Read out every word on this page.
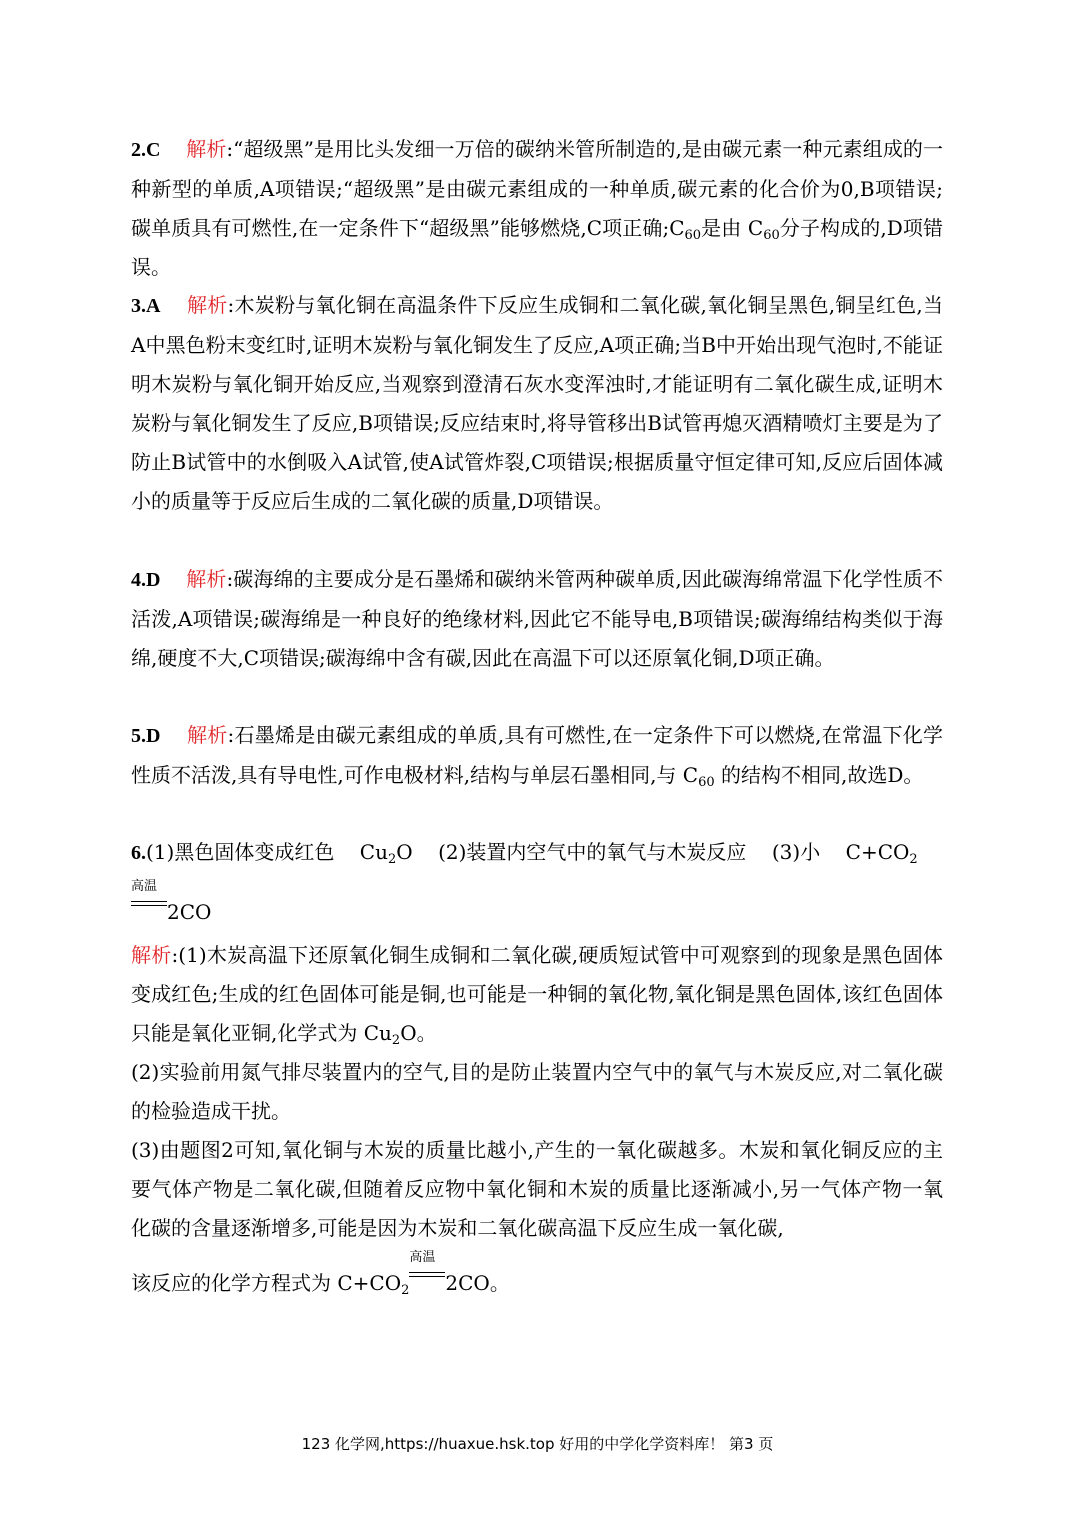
2.C 解析:“超级黑”是用比头发细一万倍的碳纳米管所制造的,是由碳元素一种元素组成的一种新型的单质,A项错误;“超级黑”是由碳元素组成的一种单质,碳元素的化合价为0,B项错误;碳单质具有可燃性,在一定条件下“超级黑”能够燃烧,C项正确$;C_{60}$是由 $C_{60}$分子构成的,D项错误。
3.A 解析:木炭粉与氧化铜在高温条件下反应生成铜和二氧化碳,氧化铜呈黑色,铜呈红色,当A中黑色粉末变红时,证明木炭粉与氧化铜发生了反应,A项正确;当B中开始出现气泡时,不能证明木炭粉与氧化铜开始反应,当观察到澄清石灰水变浑浊时,才能证明有二氧化碳生成,证明木炭粉与氧化铜发生了反应,B项错误;反应结束时,将导管移出B试管再熄灭酒精喷灯主要是为了防止B试管中的水倒吸入A试管,使A试管炸裂,C项错误;根据质量守恒定律可知,反应后固体减小的质量等于反应后生成的二氧化碳的质量,D项错误。
4.D 解析:碳海绵的主要成分是石墨烯和碳纳米管两种碳单质,因此碳海绵常温下化学性质不活泼,A项错误;碳海绵是一种良好的绝缘材料,因此它不能导电,B项错误;碳海绵结构类似于海绵,硬度不大,C项错误;碳海绵中含有碳,因此在高温下可以还原氧化铜,D项正确。
5.D 解析:石墨烯是由碳元素组成的单质,具有可燃性,在一定条件下可以燃烧,在常温下化学性质不活泼,具有导电性,可作电极材料,结构与单层石墨相同,与 $C_{60}$ 的结构不相同,故选D。
6.(1)黑色固体变成红色 $Cu_2O$ (2)装置内空气中的氧气与木炭反应 (3)小 $C+CO_2$
高温
2CO
解析:(1)木炭高温下还原氧化铜生成铜和二氧化碳,硬质短试管中可观察到的现象是黑色固体变成红色;生成的红色固体可能是铜,也可能是一种铜的氧化物,氧化铜是黑色固体,该红色固体只能是氧化亚铜,化学式为 $Cu_2O$。
(2)实验前用氮气排尽装置内的空气,目的是防止装置内空气中的氧气与木炭反应,对二氧化碳的检验造成干扰。
(3)由题图2可知,氧化铜与木炭的质量比越小,产生的一氧化碳越多。木炭和氧化铜反应的主要气体产物是二氧化碳,但随着反应物中氧化铜和木炭的质量比逐渐减小,另一气体产物一氧化碳的含量逐渐增多,可能是因为木炭和二氧化碳高温下反应生成一氧化碳,
该反应的化学方程式为 $C+CO_2$
高温
2CO。
123 化学网,https://huaxue.hsk.top 好用的中学化学资料库！ 第3 页
